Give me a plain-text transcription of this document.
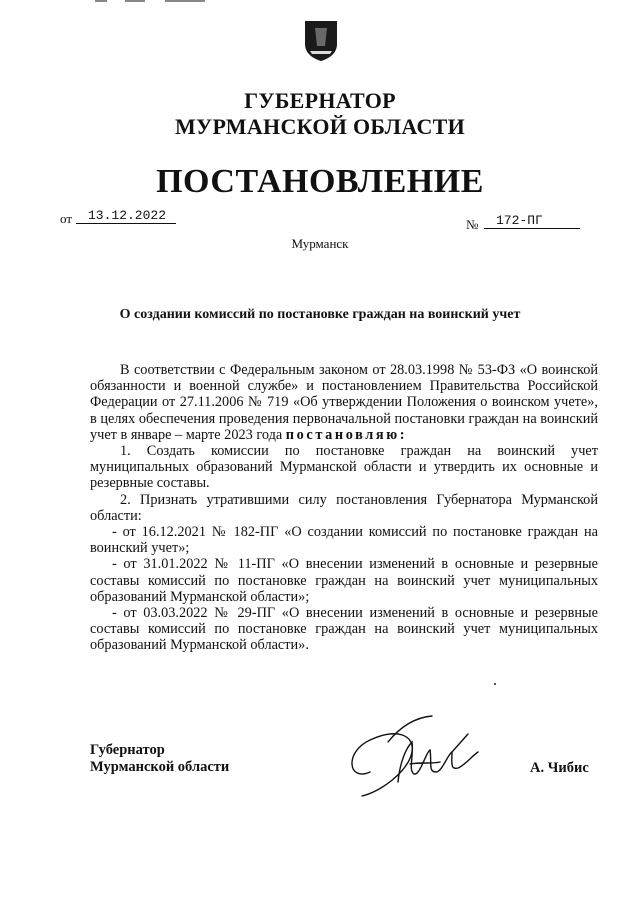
ГУБЕРНАТОР
МУРМАНСКОЙ ОБЛАСТИ
ПОСТАНОВЛЕНИЕ
от	13.12.2022
№	172-ПГ
Мурманск
О создании комиссий по постановке граждан на воинский учет

В соответствии с Федеральным законом от 28.03.1998 № 53-ФЗ «О воинской обязанности и военной службе» и постановлением Правительства Российской Федерации от 27.11.2006 № 719 «Об утверждении Положения о воинском учете», в целях обеспечения проведения первоначальной постановки граждан на воинский учет в январе – марте 2023 года постановляю:

1. Создать комиссии по постановке граждан на воинский учет муниципальных образований Мурманской области и утвердить их основные и резервные составы.

2. Признать утратившими силу постановления Губернатора Мурманской области:

- от 16.12.2021 № 182-ПГ «О создании комиссий по постановке граждан на воинский учет»;

- от 31.01.2022 № 11-ПГ «О внесении изменений в основные и резервные составы комиссий по постановке граждан на воинский учет муниципальных образований Мурманской области»;

- от 03.03.2022 № 29-ПГ «О внесении изменений в основные и резервные составы комиссий по постановке граждан на воинский учет муниципальных образований Мурманской области».

Губернатор
Мурманской области	А. Чибис
